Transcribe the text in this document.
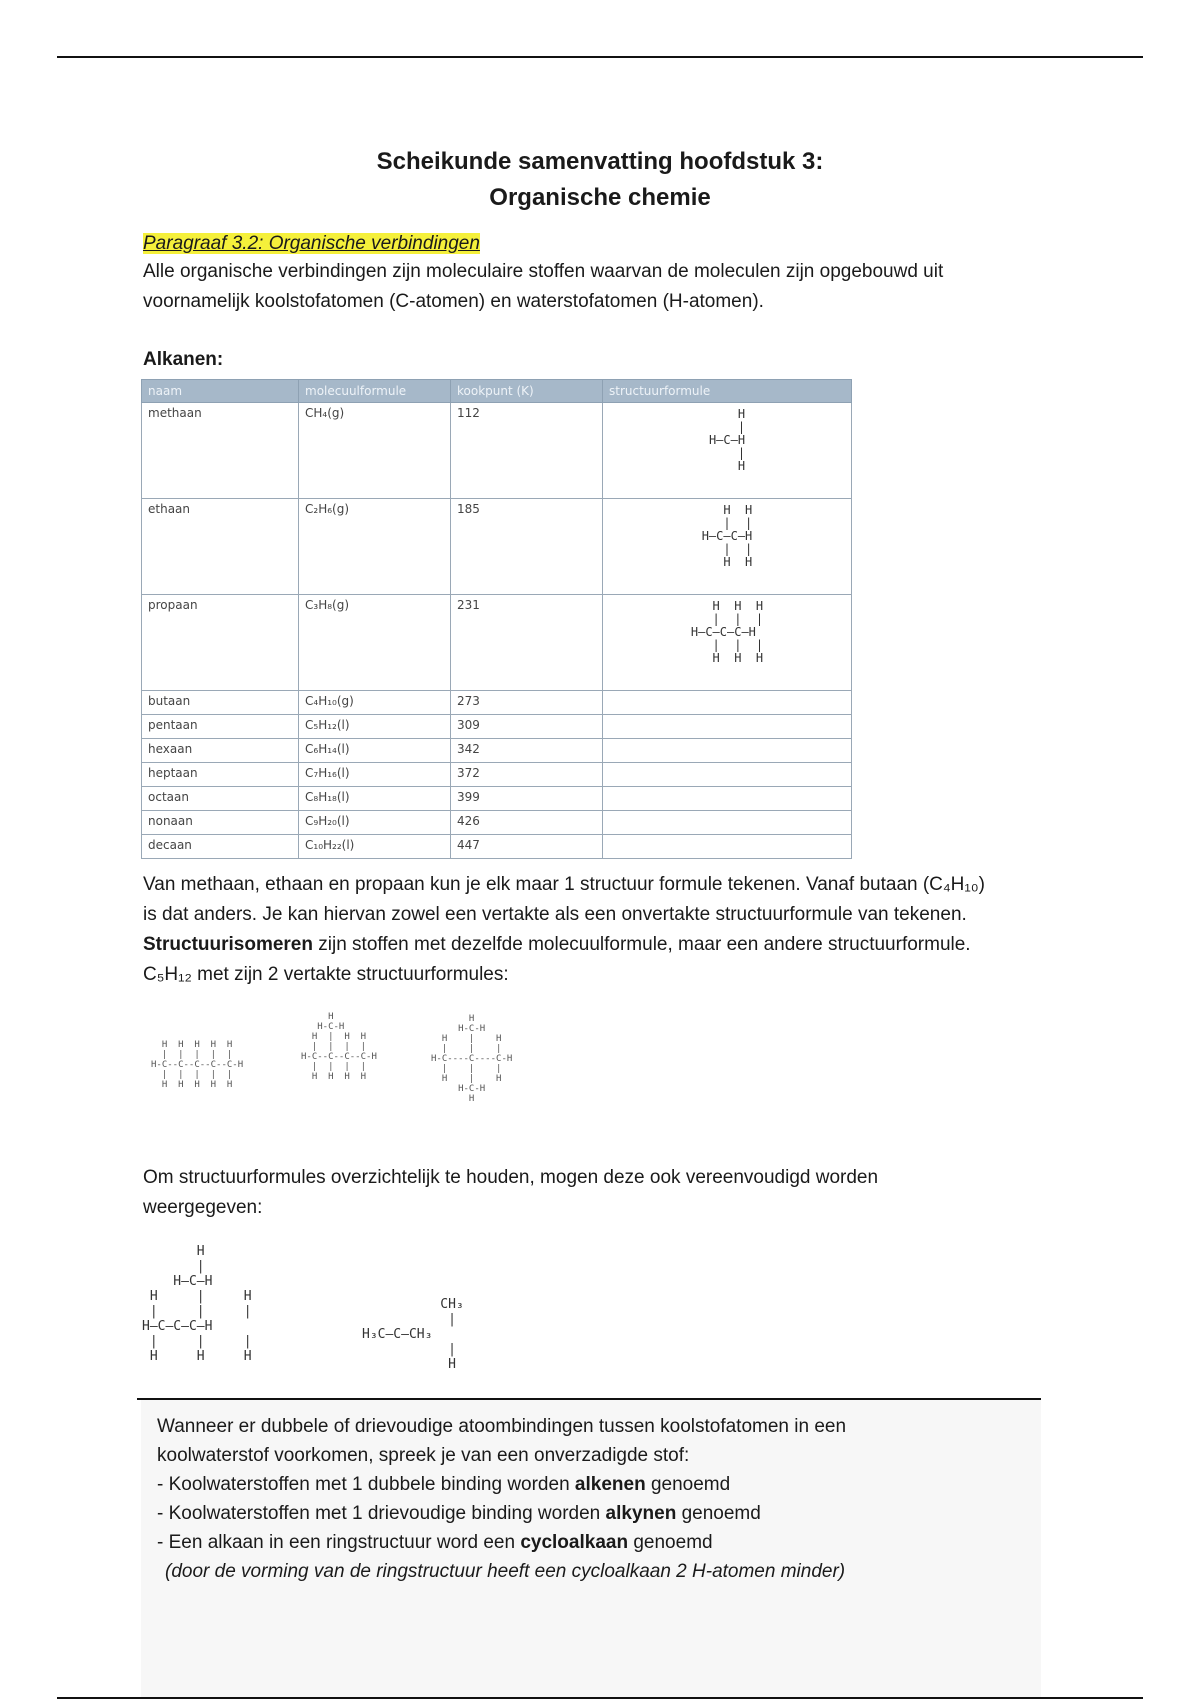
Scheikunde samenvatting hoofdstuk 3:
Organische chemie
Paragraaf 3.2: Organische verbindingen
Alle organische verbindingen zijn moleculaire stoffen waarvan de moleculen zijn opgebouwd uit
voornamelijk koolstofatomen (C-atomen) en waterstofatomen (H-atomen).
Alkanen:
naam	molecuulformule	kookpunt (K)	structuurformule
methaan	CH₄(g)	112	H
|
H—C—H
|
H

ethaan	C₂H₆(g)	185	H  H
|  |
H—C—C—H
|  |
H  H

propaan	C₃H₈(g)	231	H  H  H
|  |  |
H—C—C—C—H
|  |  |
H  H  H

butaan	C₄H₁₀(g)	273	
pentaan	C₅H₁₂(l)	309	
hexaan	C₆H₁₄(l)	342	
heptaan	C₇H₁₆(l)	372	
octaan	C₈H₁₈(l)	399	
nonaan	C₉H₂₀(l)	426	
decaan	C₁₀H₂₂(l)	447	
Van methaan, ethaan en propaan kun je elk maar 1 structuur formule tekenen. Vanaf butaan (C₄H₁₀)
is dat anders. Je kan hiervan zowel een vertakte als een onvertakte structuurformule van tekenen.
Structuurisomeren zijn stoffen met dezelfde molecuulformule, maar een andere structuurformule.
C₅H₁₂ met zijn 2 vertakte structuurformules:
H  H  H  H  H
|  |  |  |  |
H-C--C--C--C--C-H
|  |  |  |  |
H  H  H  H  H
H
H-C-H
H  |  H  H
|  |  |  |
H-C--C--C--C-H
|  |  |  |
H  H  H  H
H
H-C-H
H    |    H
|    |    |
H-C----C----C-H
|    |    |
H    |    H
H-C-H
H
Om structuurformules overzichtelijk te houden, mogen deze ook vereenvoudigd worden
weergegeven:
H
|
H—C—H
H     |     H
|     |     |
H—C—C—C—H
|     |     |
H     H     H
CH₃
|
H₃C—C—CH₃
|
H
Wanneer er dubbele of drievoudige atoombindingen tussen koolstofatomen in een
koolwaterstof voorkomen, spreek je van een onverzadigde stof:
- Koolwaterstoffen met 1 dubbele binding worden alkenen genoemd
- Koolwaterstoffen met 1 drievoudige binding worden alkynen genoemd
- Een alkaan in een ringstructuur word een cycloalkaan genoemd
(door de vorming van de ringstructuur heeft een cycloalkaan 2 H-atomen minder)
